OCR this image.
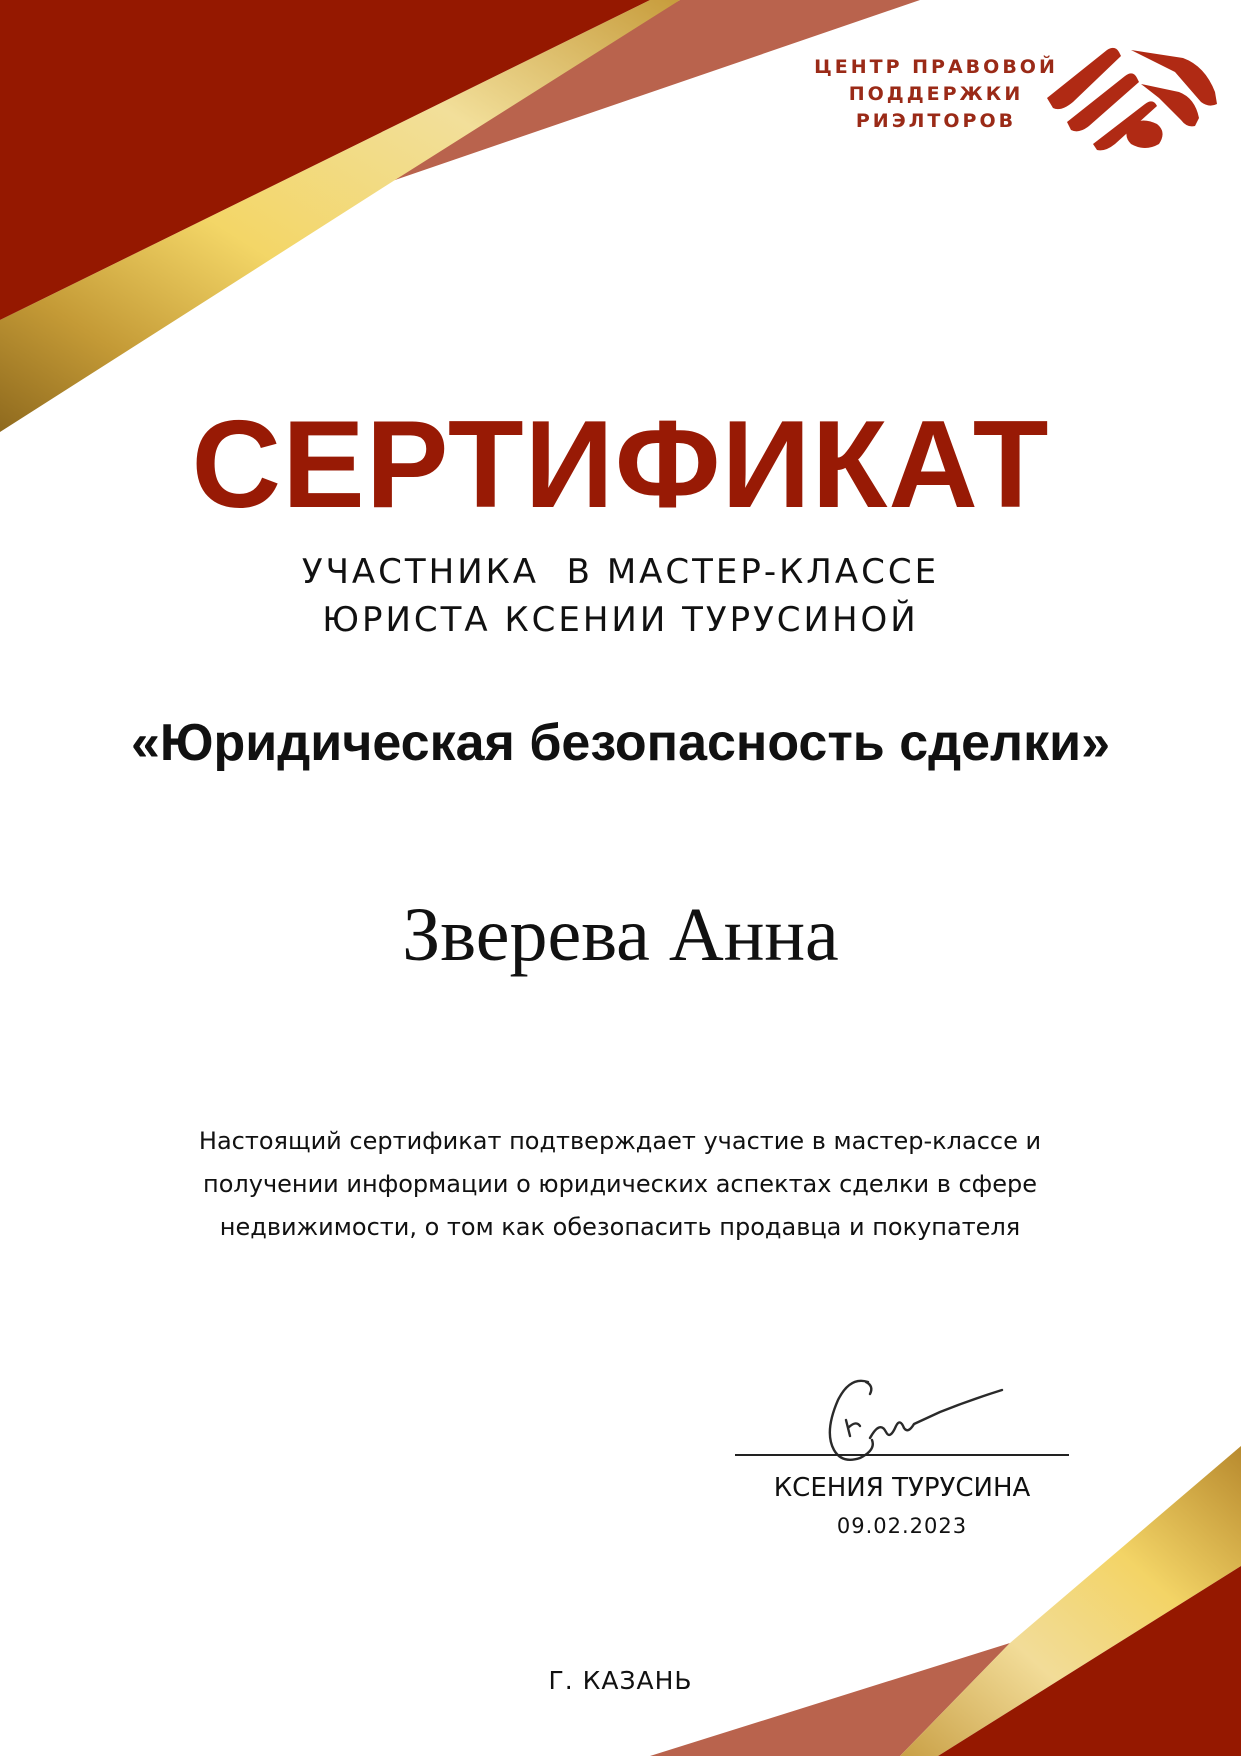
ЦЕНТР ПРАВОВОЙ
ПОДДЕРЖКИ
РИЭЛТОРОВ
СЕРТИФИКАТ
УЧАСТНИКА  В МАСТЕР-КЛАССЕ
ЮРИСТА КСЕНИИ ТУРУСИНОЙ
«Юридическая безопасность сделки»
Зверева Анна
Настоящий сертификат подтверждает участие в мастер-классе и получении информации о юридических аспектах сделки в сфере недвижимости, о том как обезопасить продавца и покупателя
КСЕНИЯ ТУРУСИНА
09.02.2023
Г. КАЗАНЬ
